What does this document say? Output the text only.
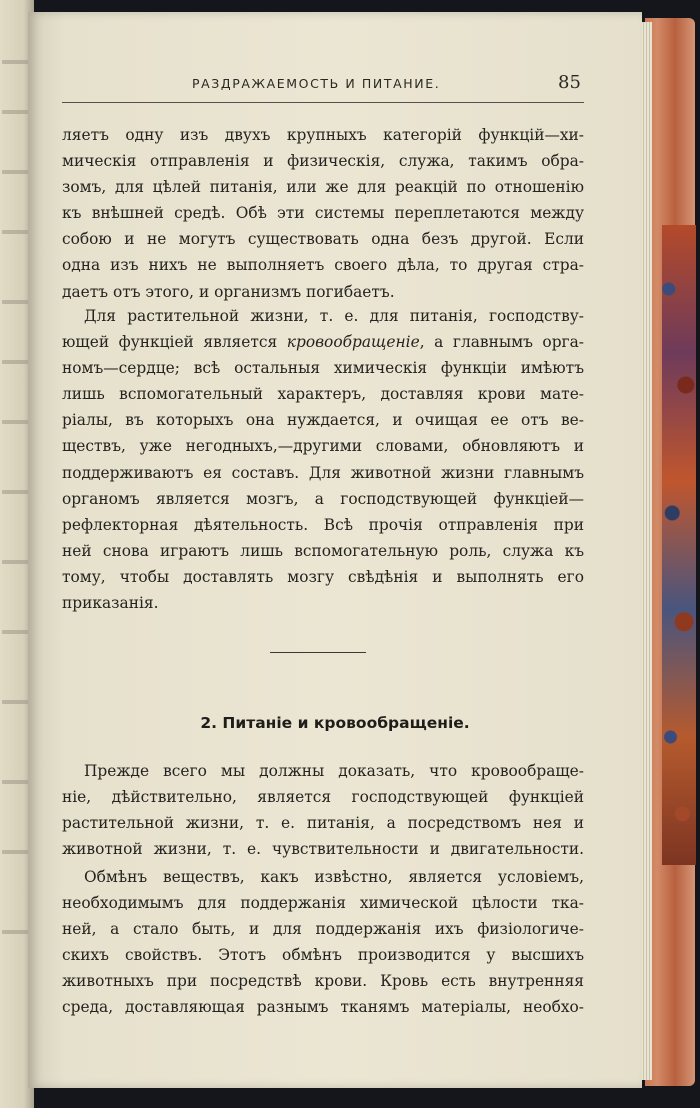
РАЗДРАЖАЕМОСТЬ И ПИТАНИЕ.	85
ляетъ одну изъ двухъ крупныхъ категорій функцій—хи-
мическія отправленія и физическія, служа, такимъ обра-
зомъ, для цѣлей питанія, или же для реакцій по отношенію
къ внѣшней средѣ. Обѣ эти системы переплетаются между
собою и не могутъ существовать одна безъ другой. Если
одна изъ нихъ не выполняетъ своего дѣла, то другая стра-
даетъ отъ этого, и организмъ погибаетъ.
Для растительной жизни, т. е. для питанія, господству-
ющей функціей является кровообращеніе, а главнымъ орга-
номъ—сердце; всѣ остальныя химическія функціи имѣютъ
лишь вспомогательный характеръ, доставляя крови мате-
ріалы, въ которыхъ она нуждается, и очищая ее отъ ве-
ществъ, уже негодныхъ,—другими словами, обновляютъ и
поддерживаютъ ея составъ. Для животной жизни главнымъ
органомъ является мозгъ, а господствующей функціей—
рефлекторная дѣятельность. Всѣ прочія отправленія при
ней снова играютъ лишь вспомогательную роль, служа къ
тому, чтобы доставлять мозгу свѣдѣнія и выполнять его
приказанія.
2. Питаніе и кровообращеніе.
Прежде всего мы должны доказать, что кровообраще-
ніе, дѣйствительно, является господствующей функціей
растительной жизни, т. е. питанія, а посредствомъ нея и
животной жизни, т. е. чувствительности и двигательности.
Обмѣнъ веществъ, какъ извѣстно, является условіемъ,
необходимымъ для поддержанія химической цѣлости тка-
ней, а стало быть, и для поддержанія ихъ физіологиче-
скихъ свойствъ. Этотъ обмѣнъ производится у высшихъ
животныхъ при посредствѣ крови. Кровь есть внутренняя
среда, доставляющая разнымъ тканямъ матеріалы, необхо-
